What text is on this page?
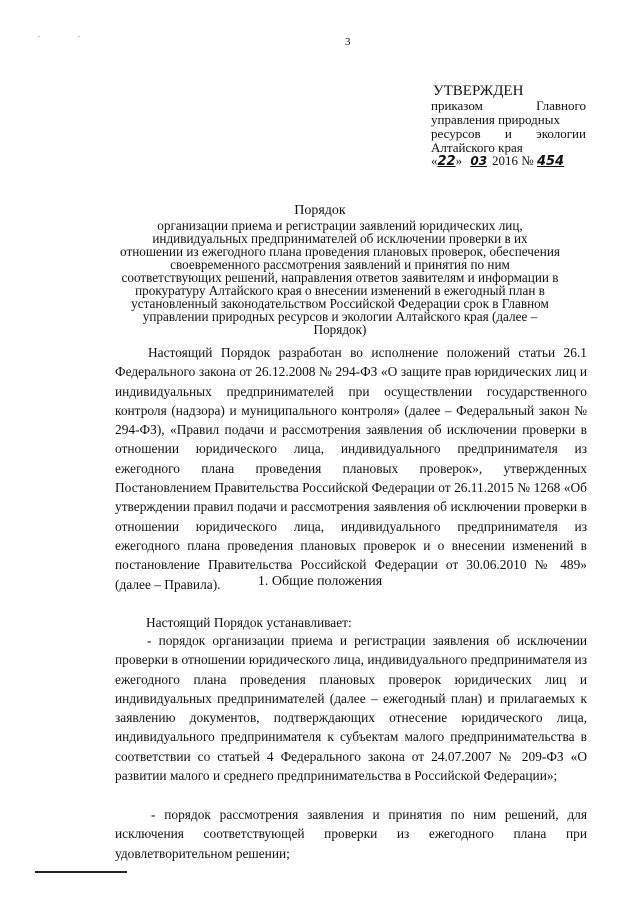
. .
3
УТВЕРЖДЕН
приказом	Главного
управления природных
ресурсов и экологии
Алтайского края
«22» 03 2016 № 454
Порядок
организации приема и регистрации заявлений юридических лиц, индивидуальных предпринимателей об исключении проверки в их отношении из ежегодного плана проведения плановых проверок, обеспечения своевременного рассмотрения заявлений и принятия по ним соответствующих решений, направления ответов заявителям и информации в прокуратуру Алтайского края о внесении изменений в ежегодный план в установленный законодательством Российской Федерации срок в Главном управлении природных ресурсов и экологии Алтайского края (далее – Порядок)
Настоящий Порядок разработан во исполнение положений статьи 26.1 Федерального закона от 26.12.2008 № 294-ФЗ «О защите прав юридических лиц и индивидуальных предпринимателей при осуществлении государственного контроля (надзора) и муниципального контроля» (далее – Федеральный закон № 294-ФЗ), «Правил подачи и рассмотрения заявления об исключении проверки в отношении юридического лица, индивидуального предпринимателя из ежегодного плана проведения плановых проверок», утвержденных Постановлением Правительства Российской Федерации от 26.11.2015 № 1268 «Об утверждении правил подачи и рассмотрения заявления об исключении проверки в отношении юридического лица, индивидуального предпринимателя из ежегодного плана проведения плановых проверок и о внесении изменений в постановление Правительства Российской Федерации от 30.06.2010 № 489» (далее – Правила).	1. Общие положения
Настоящий Порядок устанавливает:
- порядок организации приема и регистрации заявления об исключении проверки в отношении юридического лица, индивидуального предпринимателя из ежегодного плана проведения плановых проверок юридических лиц и индивидуальных предпринимателей (далее – ежегодный план) и прилагаемых к заявлению документов, подтверждающих отнесение юридического лица, индивидуального предпринимателя к субъектам малого предпринимательства в соответствии со статьей 4 Федерального закона от 24.07.2007 № 209-ФЗ «О развитии малого и среднего предпринимательства в Российской Федерации»;
- порядок рассмотрения заявления и принятия по ним решений, для исключения соответствующей проверки из ежегодного плана при удовлетворительном решении;
